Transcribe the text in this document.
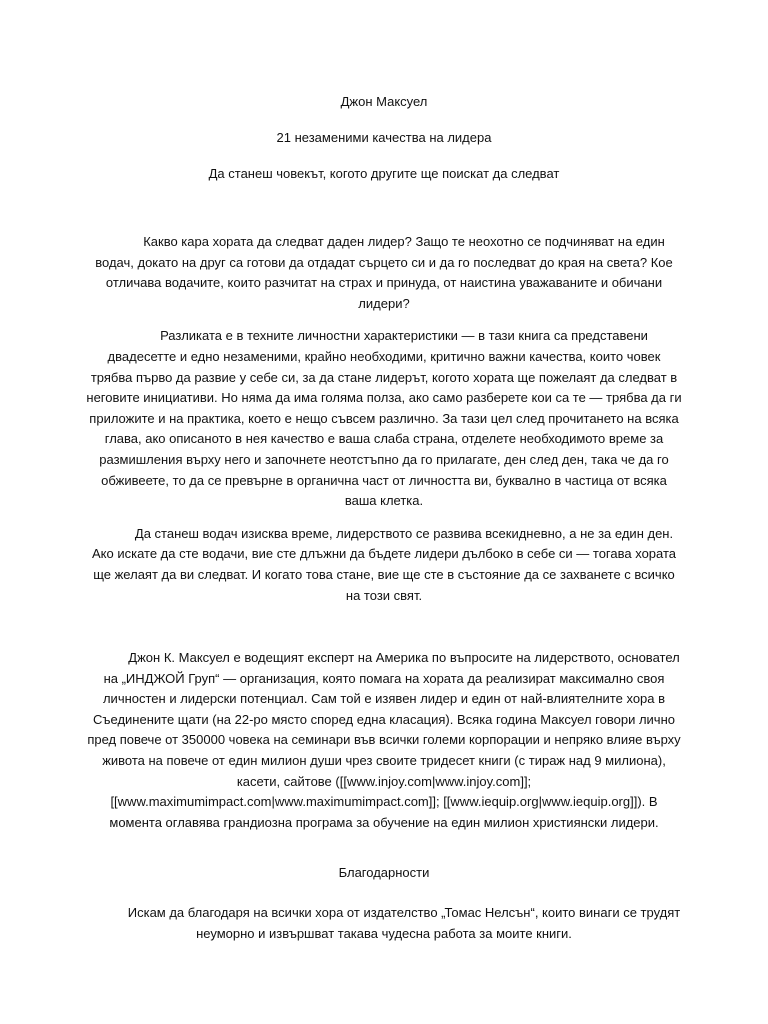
Джон Максуел

21 незаменими качества на лидера

Да станеш човекът, когото другите ще поискат да следват

Какво кара хората да следват даден лидер? Защо те неохотно се подчиняват на един водач, докато на друг са готови да отдадат сърцето си и да го последват до края на света? Кое отличава водачите, които разчитат на страх и принуда, от наистина уважаваните и обичани лидери?

Разликата е в техните личностни характеристики — в тази книга са представени двадесетте и едно незаменими, крайно необходими, критично важни качества, които човек трябва първо да развие у себе си, за да стане лидерът, когото хората ще пожелаят да следват в неговите инициативи. Но няма да има голяма полза, ако само разберете кои са те — трябва да ги приложите и на практика, което е нещо съвсем различно. За тази цел след прочитането на всяка глава, ако описаното в нея качество е ваша слаба страна, отделете необходимото време за размишления върху него и започнете неотстъпно да го прилагате, ден след ден, така че да го обживеете, то да се превърне в органична част от личността ви, буквално в частица от всяка ваша клетка.

Да станеш водач изисква време, лидерството се развива всекидневно, а не за един ден. Ако искате да сте водачи, вие сте длъжни да бъдете лидери дълбоко в себе си — тогава хората ще желаят да ви следват. И когато това стане, вие ще сте в състояние да се захванете с всичко на този свят.

Джон К. Максуел е водещият експерт на Америка по въпросите на лидерството, основател на „ИНДЖОЙ Груп“ — организация, която помага на хората да реализират максимално своя личностен и лидерски потенциал. Сам той е изявен лидер и един от най-влиятелните хора в Съединените щати (на 22-ро място според една класация). Всяка година Максуел говори лично пред повече от 350000 човека на семинари във всички големи корпорации и непряко влияе върху живота на повече от един милион души чрез своите тридесет книги (с тираж над 9 милиона), касети, сайтове ([[www.injoy.com|www.injoy.com]]; [[www.maximumimpact.com|www.maximumimpact.com]]; [[www.iequip.org|www.iequip.org]]). В момента оглавява грандиозна програма за обучение на един милион християнски лидери.

Благодарности

Искам да благодаря на всички хора от издателство „Томас Нелсън“, които винаги се трудят неуморно и извършват такава чудесна работа за моите книги.
